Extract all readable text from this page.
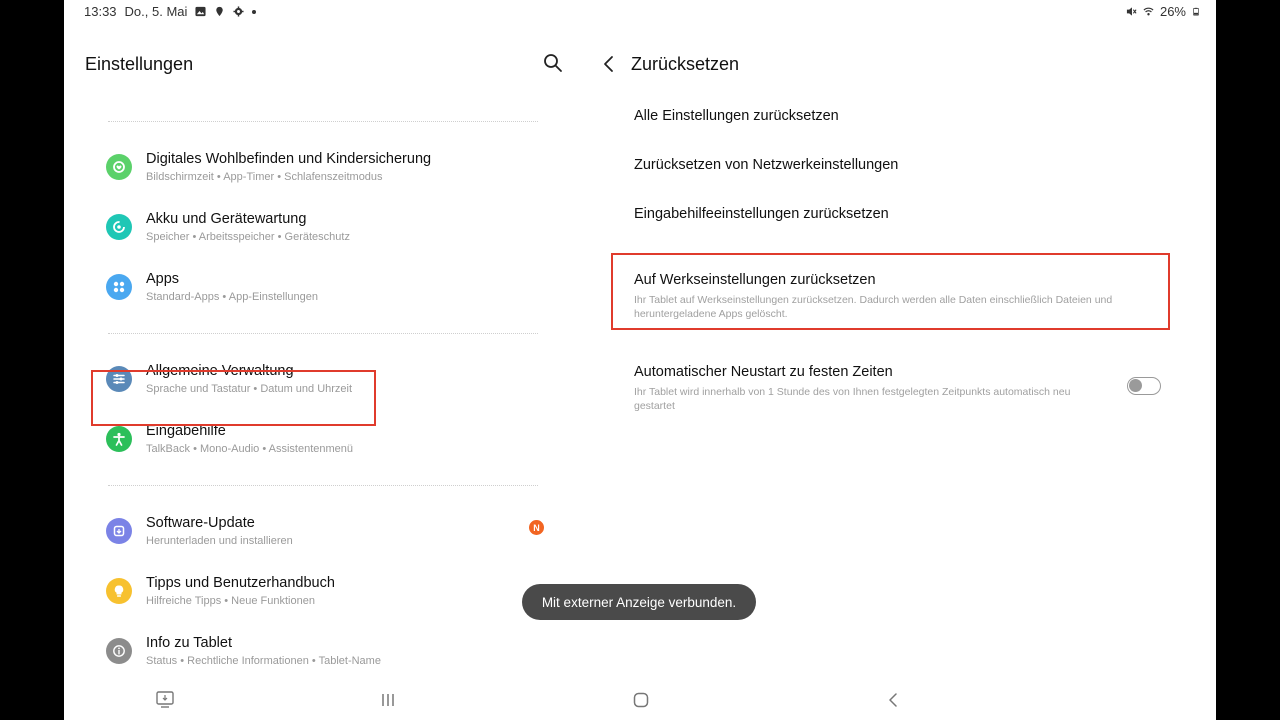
13:33 Do., 5. Mai	26%
Einstellungen
Digitales Wohlbefinden und Kindersicherung
Bildschirmzeit • App-Timer • Schlafenszeitmodus
Akku und Gerätewartung
Speicher • Arbeitsspeicher • Geräteschutz
Apps
Standard-Apps • App-Einstellungen
Allgemeine Verwaltung
Sprache und Tastatur • Datum und Uhrzeit
Eingabehilfe
TalkBack • Mono-Audio • Assistentenmenü
Software-Update
Herunterladen und installieren
N
Tipps und Benutzerhandbuch
Hilfreiche Tipps • Neue Funktionen
Info zu Tablet
Status • Rechtliche Informationen • Tablet-Name
Zurücksetzen
Alle Einstellungen zurücksetzen
Zurücksetzen von Netzwerkeinstellungen
Eingabehilfeeinstellungen zurücksetzen
Auf Werkseinstellungen zurücksetzen
Ihr Tablet auf Werkseinstellungen zurücksetzen. Dadurch werden alle Daten einschließlich Dateien und heruntergeladene Apps gelöscht.
Automatischer Neustart zu festen Zeiten
Ihr Tablet wird innerhalb von 1 Stunde des von Ihnen festgelegten Zeitpunkts automatisch neu gestartet
Mit externer Anzeige verbunden.
